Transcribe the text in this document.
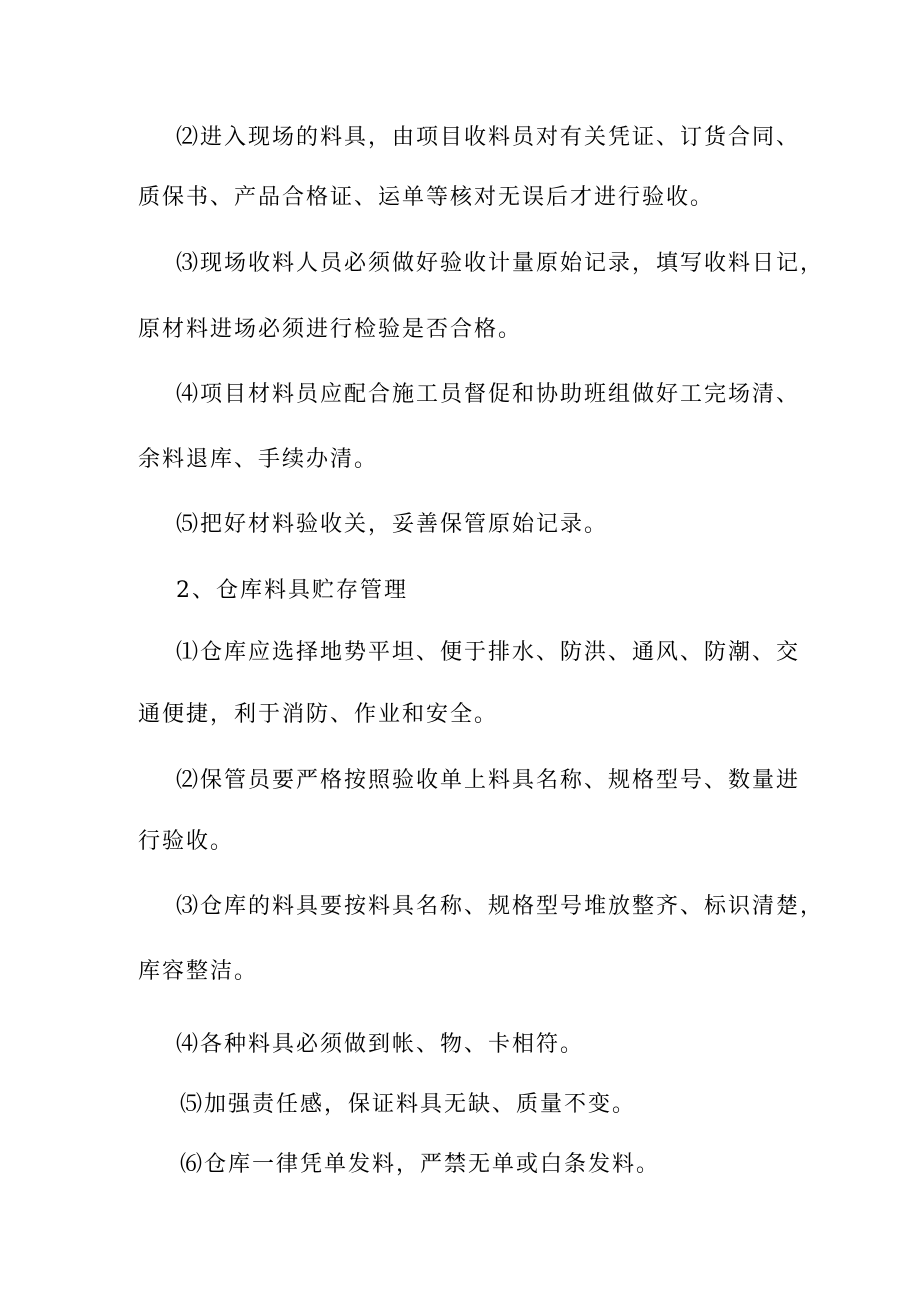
⑵进入现场的料具，由项目收料员对有关凭证、订货合同、
质保书、产品合格证、运单等核对无误后才进行验收。
⑶现场收料人员必须做好验收计量原始记录，填写收料日记，
原材料进场必须进行检验是否合格。
⑷项目材料员应配合施工员督促和协助班组做好工完场清、
余料退库、手续办清。
⑸把好材料验收关，妥善保管原始记录。
2、仓库料具贮存管理
⑴仓库应选择地势平坦、便于排水、防洪、通风、防潮、交
通便捷，利于消防、作业和安全。
⑵保管员要严格按照验收单上料具名称、规格型号、数量进
行验收。
⑶仓库的料具要按料具名称、规格型号堆放整齐、标识清楚，
库容整洁。
⑷各种料具必须做到帐、物、卡相符。
⑸加强责任感，保证料具无缺、质量不变。
⑹仓库一律凭单发料，严禁无单或白条发料。
